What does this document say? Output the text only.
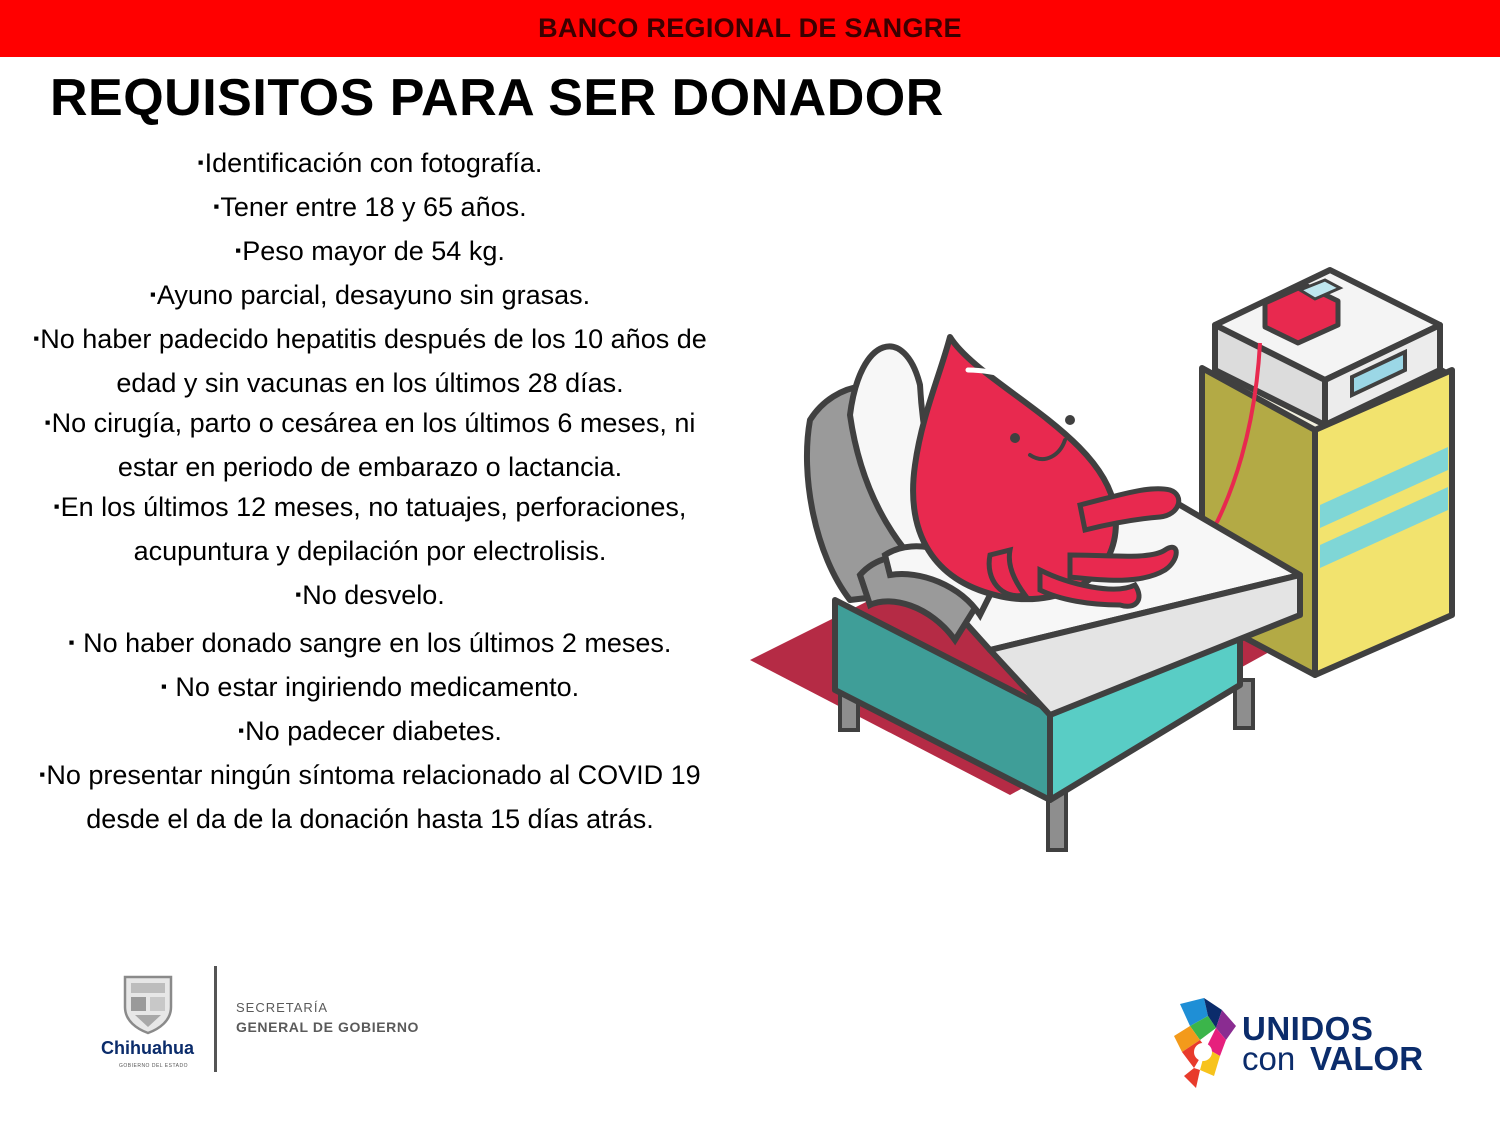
BANCO REGIONAL DE SANGRE
REQUISITOS PARA SER DONADOR
▪Identificación con fotografía.
▪Tener entre 18 y 65 años.
▪Peso mayor de 54 kg.
▪Ayuno parcial, desayuno sin grasas.
▪No haber padecido hepatitis después de los 10 años de edad y sin vacunas en los últimos 28 días.
▪No cirugía, parto o cesárea en los últimos 6 meses, ni estar en periodo de embarazo o lactancia.
▪En los últimos 12 meses, no tatuajes, perforaciones, acupuntura y depilación por electrolisis.
▪No desvelo.
▪ No haber donado sangre en los últimos 2 meses.
▪ No estar ingiriendo medicamento.
▪No padecer diabetes.
▪No presentar ningún síntoma relacionado al COVID 19 desde el da de la donación hasta 15 días atrás.
Chihuahua
GOBIERNO DEL ESTADO
SECRETARÍA
GENERAL DE GOBIERNO	UNIDOS
con VALOR
